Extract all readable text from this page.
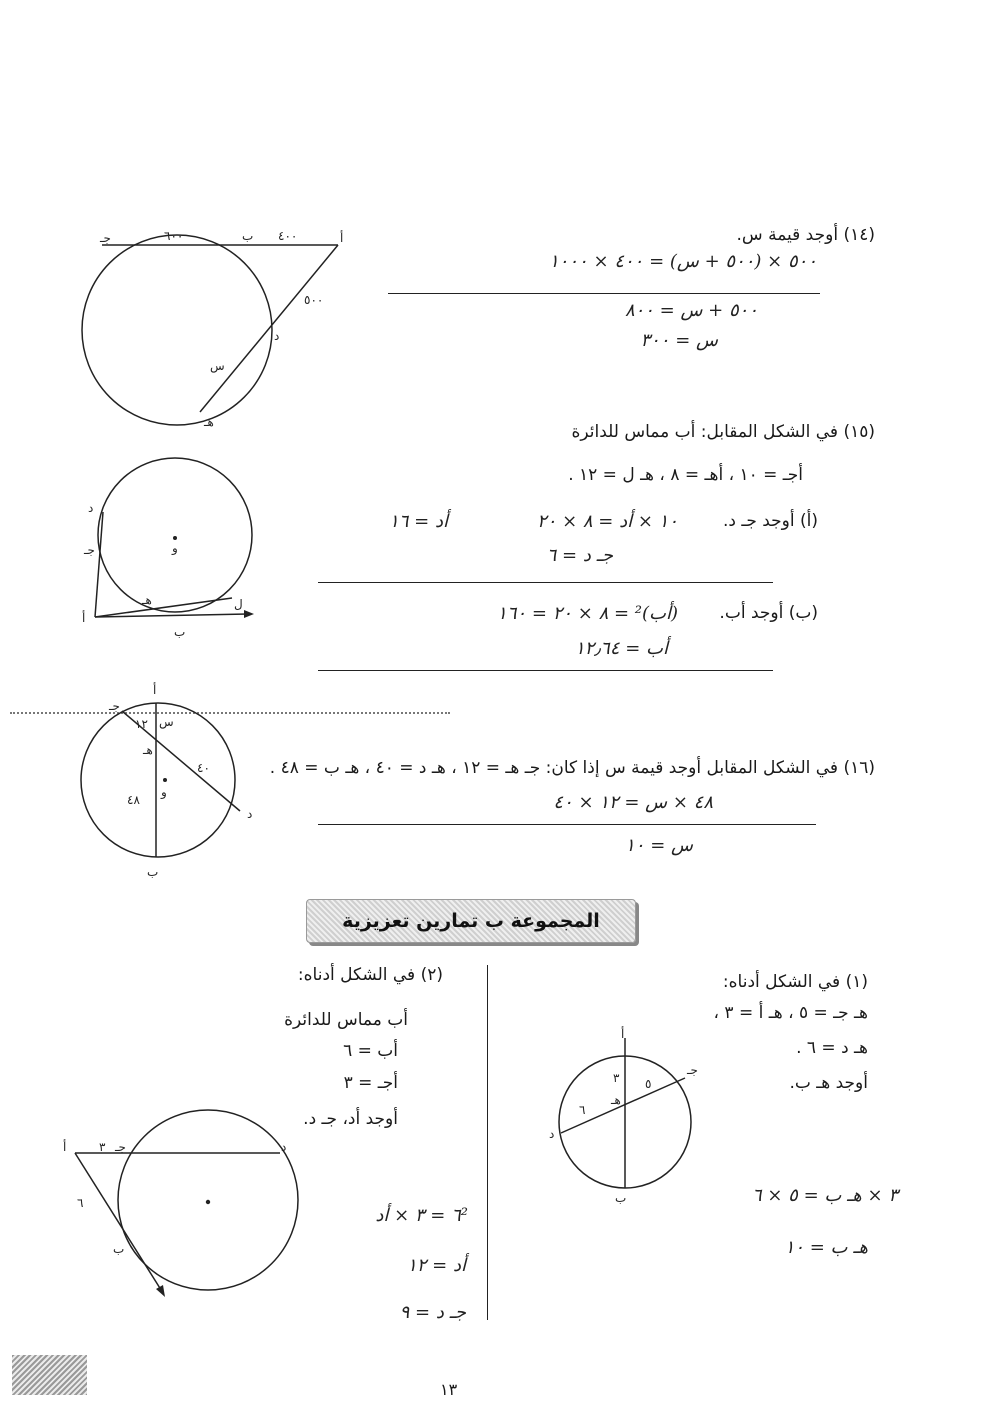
(١٤) أوجد قيمة س.
٥٠٠ × (٥٠٠ + س) = ٤٠٠ × ١٠٠٠
٥٠٠ + س = ٨٠٠
س = ٣٠٠
أ
ب
جـ
د
هـ
س
٦٠٠	٤٠٠
٥٠٠
(١٥) في الشكل المقابل: أب مماس للدائرة
أجـ = ١٠ ، أهـ = ٨ ، هـ ل = ١٢ .
(أ) أوجد جـ د.
١٠ × أد = ٨ × ٢٠
أد = ١٦
جـ د = ٦
(ب) أوجد أب.
(أب)² = ٨ × ٢٠ = ١٦٠
أب = ١٢٫٦٤
و
أ
ب
جـ
د
هـ	ل
(١٦) في الشكل المقابل أوجد قيمة س إذا كان: جـ هـ = ١٢ ، هـ د = ٤٠ ، هـ ب = ٤٨ .
٤٨ × س = ١٢ × ٤٠
س = ١٠
أ
ب
جـ
د
هـ
و
س
١٢
٤٠
٤٨
المجموعة ب تمارين تعزيزية
(١) في الشكل أدناه:
هـ جـ = ٥ ، هـ أ = ٣ ،
هـ د = ٦ .
أوجد هـ ب.
٣ × هـ ب = ٥ × ٦
هـ ب = ١٠
أ
ب
جـ
د
هـ
٣ ٥
٦
(٢) في الشكل أدناه:
أب مماس للدائرة
أب = ٦
أجـ = ٣
أوجد أد، جـ د.
٦² = ٣ × أد
أد = ١٢
جـ د = ٩
أ	جـ	د
ب
٣
٦
١٣
